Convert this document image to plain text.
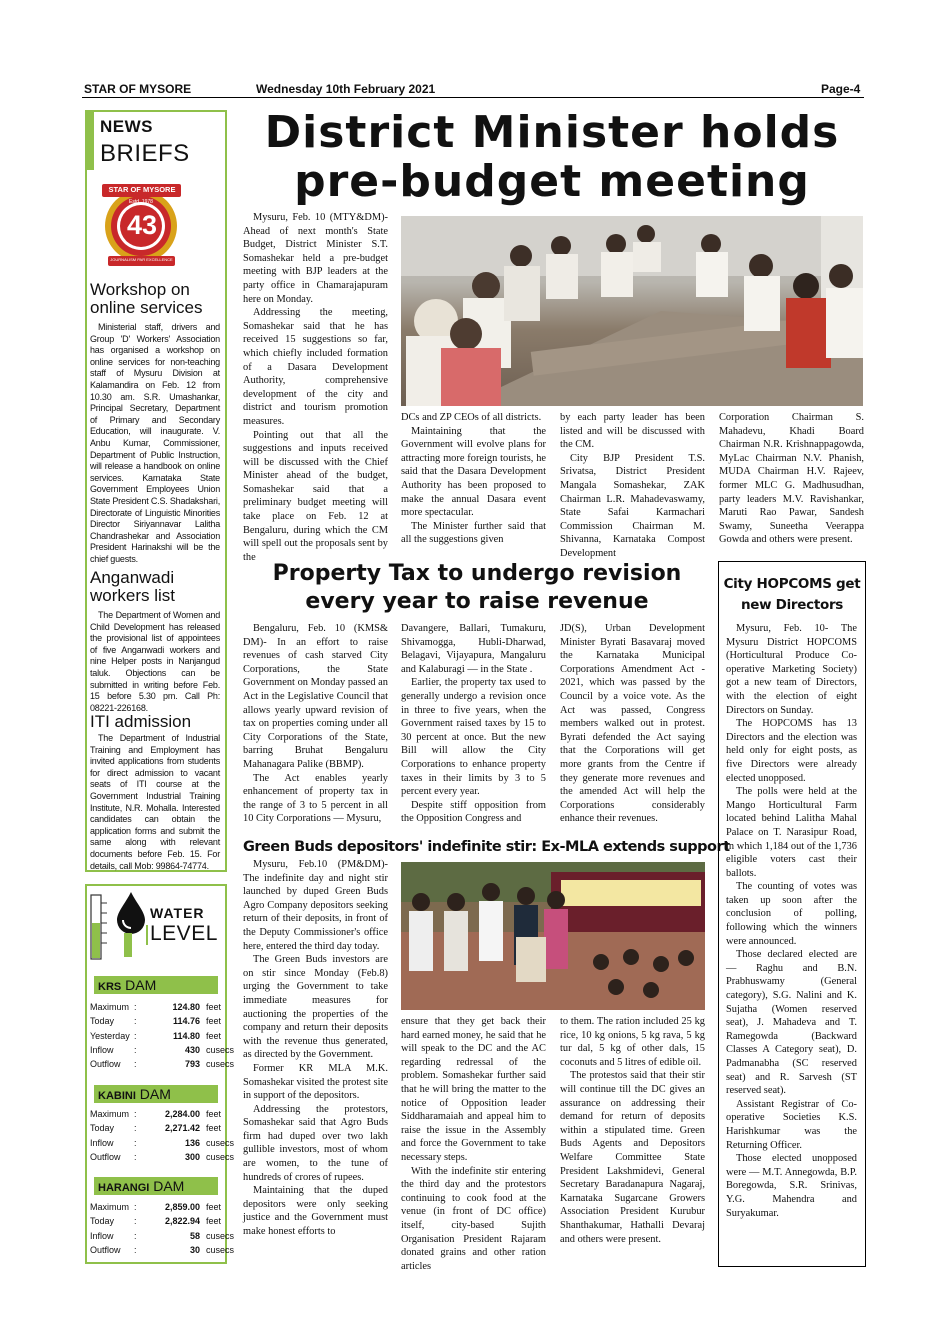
STAR OF MYSORE	Wednesday 10th February 2021	Page-4
NEWS
BRIEFS
STAR OF MYSORE
Estd. 1978
43
JOURNALISM PAR EXCELLENCE
Workshop on online services

Ministerial staff, drivers and Group 'D' Workers' Association has organised a workshop on online services for non-teaching staff of Mysuru Division at Kalamandira on Feb. 12 from 10.30 am. S.R. Umashankar, Principal Secretary, Department of Primary and Secondary Education, will inaugurate. V. Anbu Kumar, Commissioner, Department of Public Instruction, will release a handbook on online services. Karnataka State Government Employees Union State President C.S. Shadakshari, Directorate of Linguistic Minorities Director Siriyannavar Lalitha Chandrashekar and Association President Harinakshi will be the chief guests.

Anganwadi workers list

The Department of Women and Child Development has released the provisional list of appointees of five Anganwadi workers and nine Helper posts in Nanjangud taluk. Objections can be submitted in writing before Feb. 15 before 5.30 pm. Call Ph: 08221-226168.

ITI admission

The Department of Industrial Training and Employment has invited applications from students for direct admission to vacant seats of ITI course at the Government Industrial Training Institute, N.R. Mohalla. Interested candidates can obtain the application forms and submit the same along with relevant documents before Feb. 15. For details, call Mob: 99864-74774.

WATER
LEVEL
KRS DAM
Maximum :	124.80 feet
Today	:	114.76 feet
Yesterday :	114.80 feet
Inflow	:	430 cusecs
Outflow	:	793 cusecs
KABINI DAM
Maximum :	2,284.00 feet
Today	:	2,271.42 feet
Inflow	:	136 cusecs
Outflow	:	300 cusecs
HARANGI DAM
Maximum :	2,859.00 feet
Today	:	2,822.94 feet
Inflow	:	58 cusecs
Outflow	:	30 cusecs
District Minister holds
pre-budget meeting

Mysuru, Feb. 10 (MTY&DM)- Ahead of next month's State Budget, District Minister S.T. Somashekar held a pre-budget meeting with BJP leaders at the party office in Chamarajapuram here on Monday.

Addressing the meeting, Somashekar said that he has received 15 suggestions so far, which chiefly included formation of a Dasara Development Authority, comprehensive development of the city and district and tourism promotion measures.

Pointing out that all the suggestions and inputs received will be discussed with the Chief Minister ahead of the budget, Somashekar said that a preliminary budget meeting will take place on Feb. 12 at Bengaluru, during which the CM will spell out the proposals sent by the

DCs and ZP CEOs of all districts.

Maintaining that the Government will evolve plans for attracting more foreign tourists, he said that the Dasara Development Authority has been proposed to make the annual Dasara event more spectacular.

The Minister further said that all the suggestions given

by each party leader has been listed and will be discussed with the CM.

City BJP President T.S. Srivatsa, District President Mangala Somashekar, ZAK Chairman L.R. Mahadevaswamy, State Safai Karmachari Commission Chairman M. Shivanna, Karnataka Compost Development

Corporation Chairman S. Mahadevu, Khadi Board Chairman N.R. Krishnappagowda, MyLac Chairman N.V. Phanish, MUDA Chairman H.V. Rajeev, former MLC G. Madhusudhan, party leaders M.V. Ravishankar, Maruti Rao Pawar, Sandesh Swamy, Suneetha Veerappa Gowda and others were present.

Property Tax to undergo revision
every year to raise revenue

Bengaluru, Feb. 10 (KMS& DM)- In an effort to raise revenues of cash starved City Corporations, the State Government on Monday passed an Act in the Legislative Council that allows yearly upward revision of tax on properties coming under all City Corporations of the State, barring Bruhat Bengaluru Mahanagara Palike (BBMP).

The Act enables yearly enhancement of property tax in the range of 3 to 5 percent in all 10 City Corporations — Mysuru,

Davangere, Ballari, Tumakuru, Shivamogga, Hubli-Dharwad, Belagavi, Vijayapura, Mangaluru and Kalaburagi — in the State .

Earlier, the property tax used to generally undergo a revision once in three to five years, when the Government raised taxes by 15 to 30 percent at once. But the new Bill will allow the City Corporations to enhance property taxes in their limits by 3 to 5 percent every year.

Despite stiff opposition from the Opposition Congress and

JD(S), Urban Development Minister Byrati Basavaraj moved the Karnataka Municipal Corporations Amendment Act - 2021, which was passed by the Council by a voice vote. As the Act was passed, Congress members walked out in protest. Byrati defended the Act saying that the Corporations will get more grants from the Centre if they generate more revenues and the amended Act will help the Corporations considerably enhance their revenues.

Green Buds depositors' indefinite stir: Ex-MLA extends support

Mysuru, Feb.10 (PM&DM)- The indefinite day and night stir launched by duped Green Buds Agro Company depositors seeking return of their deposits, in front of the Deputy Commissioner's office here, entered the third day today.

The Green Buds investors are on stir since Monday (Feb.8) urging the Government to take immediate measures for auctioning the properties of the company and return their deposits with the revenue thus generated, as directed by the Government.

Former KR MLA M.K. Somashekar visited the protest site in support of the depositors.

Addressing the protestors, Somashekar said that Agro Buds firm had duped over two lakh gullible investors, most of whom are women, to the tune of hundreds of crores of rupees.

Maintaining that the duped depositors were only seeking justice and the Government must make honest efforts to

ensure that they get back their hard earned money, he said that he will speak to the DC and the AC regarding redressal of the problem. Somashekar further said that he will bring the matter to the notice of Opposition leader Siddharamaiah and appeal him to raise the issue in the Assembly and force the Government to take necessary steps.

With the indefinite stir entering the third day and the protestors continuing to cook food at the venue (in front of DC office) itself, city-based Sujith Organisation President Rajaram donated grains and other ration articles

to them. The ration included 25 kg rice, 10 kg onions, 5 kg rava, 5 kg tur dal, 5 kg of other dals, 15 coconuts and 5 litres of edible oil.

The protestos said that their stir will continue till the DC gives an assurance on addressing their demand for return of deposits within a stipulated time. Green Buds Agents and Depositors Welfare Committee State President Lakshmidevi, General Secretary Baradanapura Nagaraj, Karnataka Sugarcane Growers Association President Kurubur Shanthakumar, Hathalli Devaraj and others were present.

City HOPCOMS get
new Directors

Mysuru, Feb. 10- The Mysuru District HOPCOMS (Horticultural Produce Co-operative Marketing Society) got a new team of Directors, with the election of eight Directors on Sunday.

The HOPCOMS has 13 Directors and the election was held only for eight posts, as five Directors were already elected unopposed.

The polls were held at the Mango Horticultural Farm located behind Lalitha Mahal Palace on T. Narasipur Road, in which 1,184 out of the 1,736 eligible voters cast their ballots.

The counting of votes was taken up soon after the conclusion of polling, following which the winners were announced.

Those declared elected are — Raghu and B.N. Prabhuswamy (General category), S.G. Nalini and K. Sujatha (Women reserved seat), J. Mahadeva and T. Ramegowda (Backward Classes A Category seat), D. Padmanabha (SC reserved seat) and R. Sarvesh (ST reserved seat).

Assistant Registrar of Co-operative Societies K.S. Harishkumar was the Returning Officer.

Those elected unopposed were — M.T. Annegowda, B.P. Boregowda, S.R. Srinivas, Y.G. Mahendra and Suryakumar.
